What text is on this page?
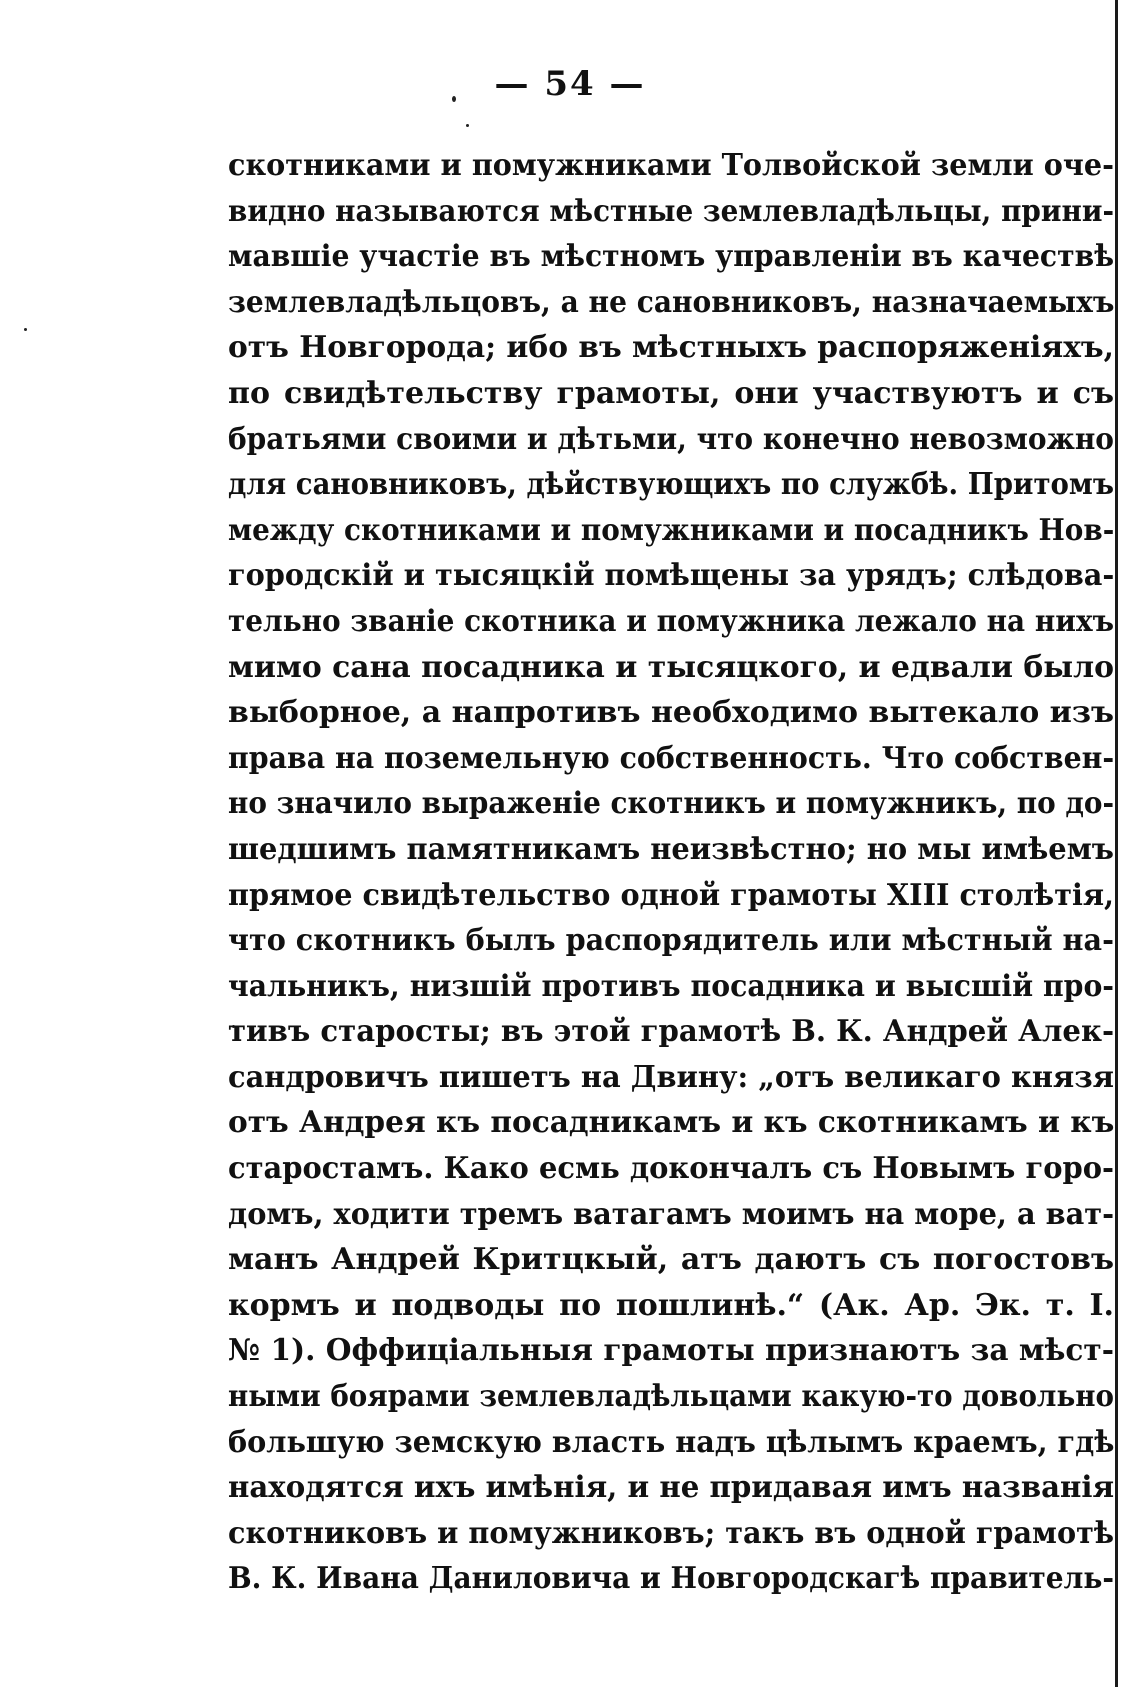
— 54 —
скотниками и помужниками Толвойской земли оче-
видно называются мѣстные землевладѣльцы, прини-
мавшіе участіе въ мѣстномъ управленіи въ качествѣ
землевладѣльцовъ, а не сановниковъ, назначаемыхъ
отъ Новгорода; ибо въ мѣстныхъ распоряженіяхъ,
по свидѣтельству грамоты, они участвуютъ и съ
братьями своими и дѣтьми, что конечно невозможно
для сановниковъ, дѣйствующихъ по службѣ. Притомъ
между скотниками и помужниками и посадникъ Нов-
городскій и тысяцкій помѣщены за урядъ; слѣдова-
тельно званіе скотника и помужника лежало на нихъ
мимо сана посадника и тысяцкого, и едвали было
выборное, а напротивъ необходимо вытекало изъ
права на поземельную собственность. Что собствен-
но значило выраженіе скотникъ и помужникъ, по до-
шедшимъ памятникамъ неизвѣстно; но мы имѣемъ
прямое свидѣтельство одной грамоты XIII столѣтія,
что скотникъ былъ распорядитель или мѣстный на-
чальникъ, низшій противъ посадника и высшій про-
тивъ старосты; въ этой грамотѣ В. К. Андрей Алек-
сандровичъ пишетъ на Двину: „отъ великаго князя
отъ Андрея къ посадникамъ и къ скотникамъ и къ
старостамъ. Како есмь докончалъ съ Новымъ горо-
домъ, ходити тремъ ватагамъ моимъ на море, а ват-
манъ Андрей Критцкый, атъ даютъ съ погостовъ
кормъ и подводы по пошлинѣ.“ (Ак. Ар. Эк. т. I.
№ 1). Оффиціальныя грамоты признаютъ за мѣст-
ными боярами землевладѣльцами какую-то довольно
большую земскую власть надъ цѣлымъ краемъ, гдѣ
находятся ихъ имѣнія, и не придавая имъ названія
скотниковъ и помужниковъ; такъ въ одной грамотѣ
В. К. Ивана Даниловича и Новгородскагѣ правитель-
